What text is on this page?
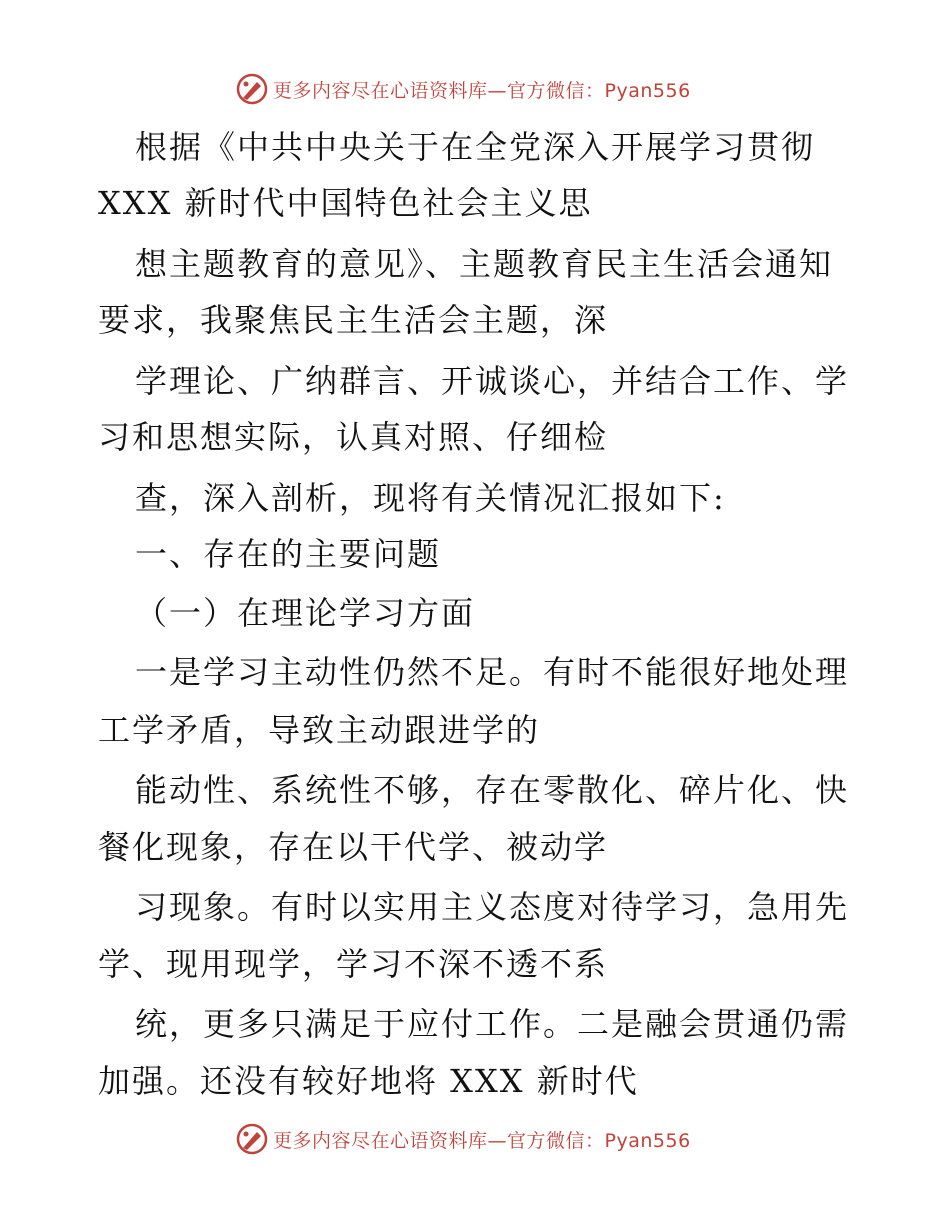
更多内容尽在心语资料库—官方微信：Pyan556
根据《中共中央关于在全党深入开展学习贯彻
XXX 新时代中国特色社会主义思
想主题教育的意见》、主题教育民主生活会通知
要求，我聚焦民主生活会主题，深
学理论、广纳群言、开诚谈心，并结合工作、学
习和思想实际，认真对照、仔细检
查，深入剖析，现将有关情况汇报如下:
一、存在的主要问题
（一）在理论学习方面
一是学习主动性仍然不足。有时不能很好地处理
工学矛盾，导致主动跟进学的
能动性、系统性不够，存在零散化、碎片化、快
餐化现象，存在以干代学、被动学
习现象。有时以实用主义态度对待学习，急用先
学、现用现学，学习不深不透不系
统，更多只满足于应付工作。二是融会贯通仍需
加强。还没有较好地将 XXX 新时代
更多内容尽在心语资料库—官方微信：Pyan556
